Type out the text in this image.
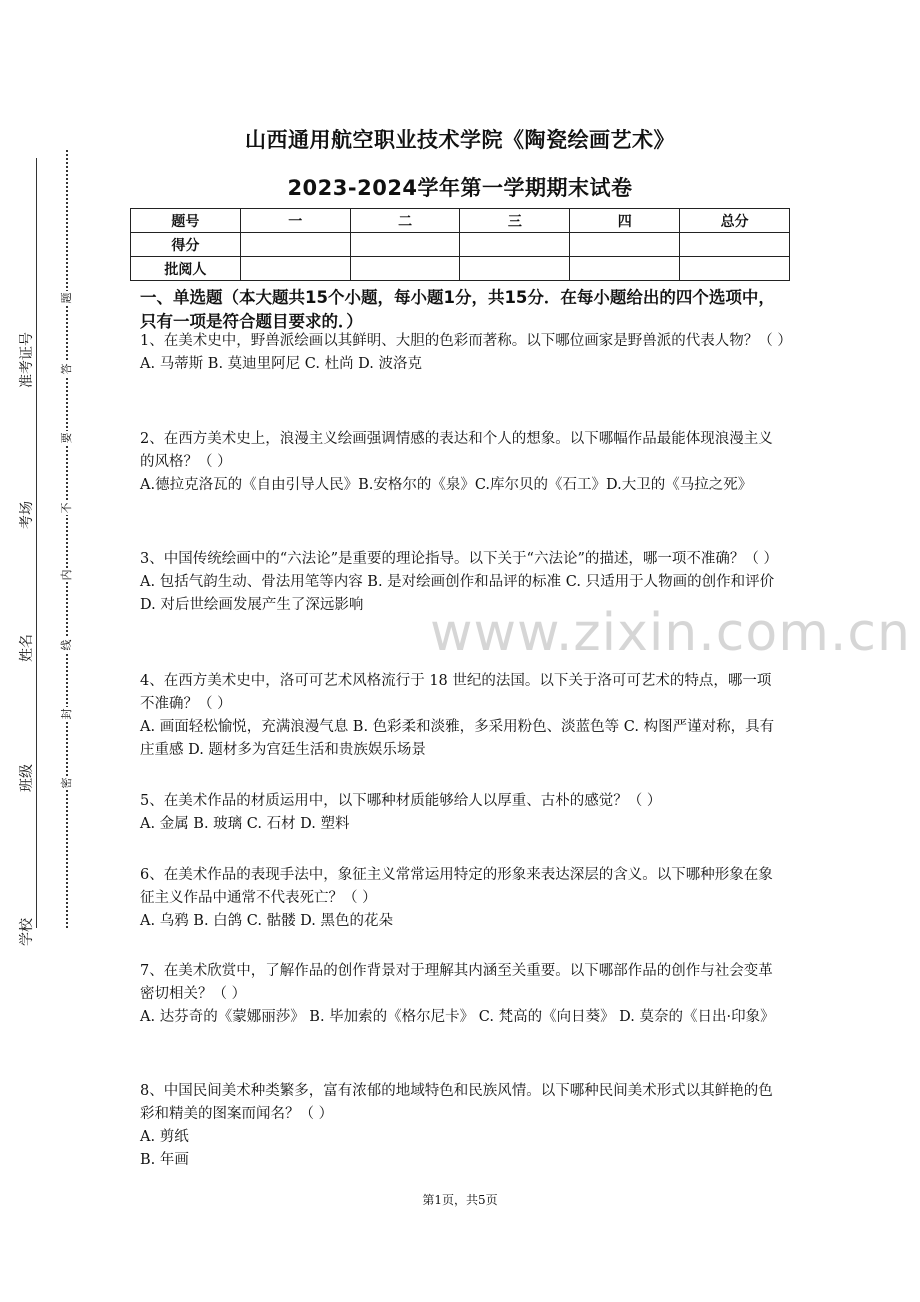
准考证号
考场
姓名
班级
学校
题
答
要
不
内
线
封
密
www.zixin.com.cn
山西通用航空职业技术学院《陶瓷绘画艺术》
2023-2024学年第一学期期末试卷
题号	一	二	三	四	总分
得分					
批阅人					
一、单选题（本大题共15个小题，每小题1分，共15分．在每小题给出的四个选项中，只有一项是符合题目要求的．）

1、在美术史中，野兽派绘画以其鲜明、大胆的色彩而著称。以下哪位画家是野兽派的代表人物？（ ）

A. 马蒂斯 B. 莫迪里阿尼 C. 杜尚 D. 波洛克

2、在西方美术史上，浪漫主义绘画强调情感的表达和个人的想象。以下哪幅作品最能体现浪漫主义的风格？（ ）

A.德拉克洛瓦的《自由引导人民》B.安格尔的《泉》C.库尔贝的《石工》D.大卫的《马拉之死》

3、中国传统绘画中的“六法论”是重要的理论指导。以下关于“六法论”的描述，哪一项不准确？（ ）

A. 包括气韵生动、骨法用笔等内容 B. 是对绘画创作和品评的标准 C. 只适用于人物画的创作和评价 D. 对后世绘画发展产生了深远影响

4、在西方美术史中，洛可可艺术风格流行于 18 世纪的法国。以下关于洛可可艺术的特点，哪一项不准确？（ ）

A. 画面轻松愉悦，充满浪漫气息 B. 色彩柔和淡雅，多采用粉色、淡蓝色等 C. 构图严谨对称，具有庄重感 D. 题材多为宫廷生活和贵族娱乐场景

5、在美术作品的材质运用中，以下哪种材质能够给人以厚重、古朴的感觉？（ ）

A. 金属 B. 玻璃 C. 石材 D. 塑料

6、在美术作品的表现手法中，象征主义常常运用特定的形象来表达深层的含义。以下哪种形象在象征主义作品中通常不代表死亡？（ ）

A. 乌鸦 B. 白鸽 C. 骷髅 D. 黑色的花朵

7、在美术欣赏中，了解作品的创作背景对于理解其内涵至关重要。以下哪部作品的创作与社会变革密切相关？（ ）

A. 达芬奇的《蒙娜丽莎》 B. 毕加索的《格尔尼卡》 C. 梵高的《向日葵》 D. 莫奈的《日出·印象》

8、中国民间美术种类繁多，富有浓郁的地域特色和民族风情。以下哪种民间美术形式以其鲜艳的色彩和精美的图案而闻名？（ ）

A. 剪纸

B. 年画

第1页，共5页
